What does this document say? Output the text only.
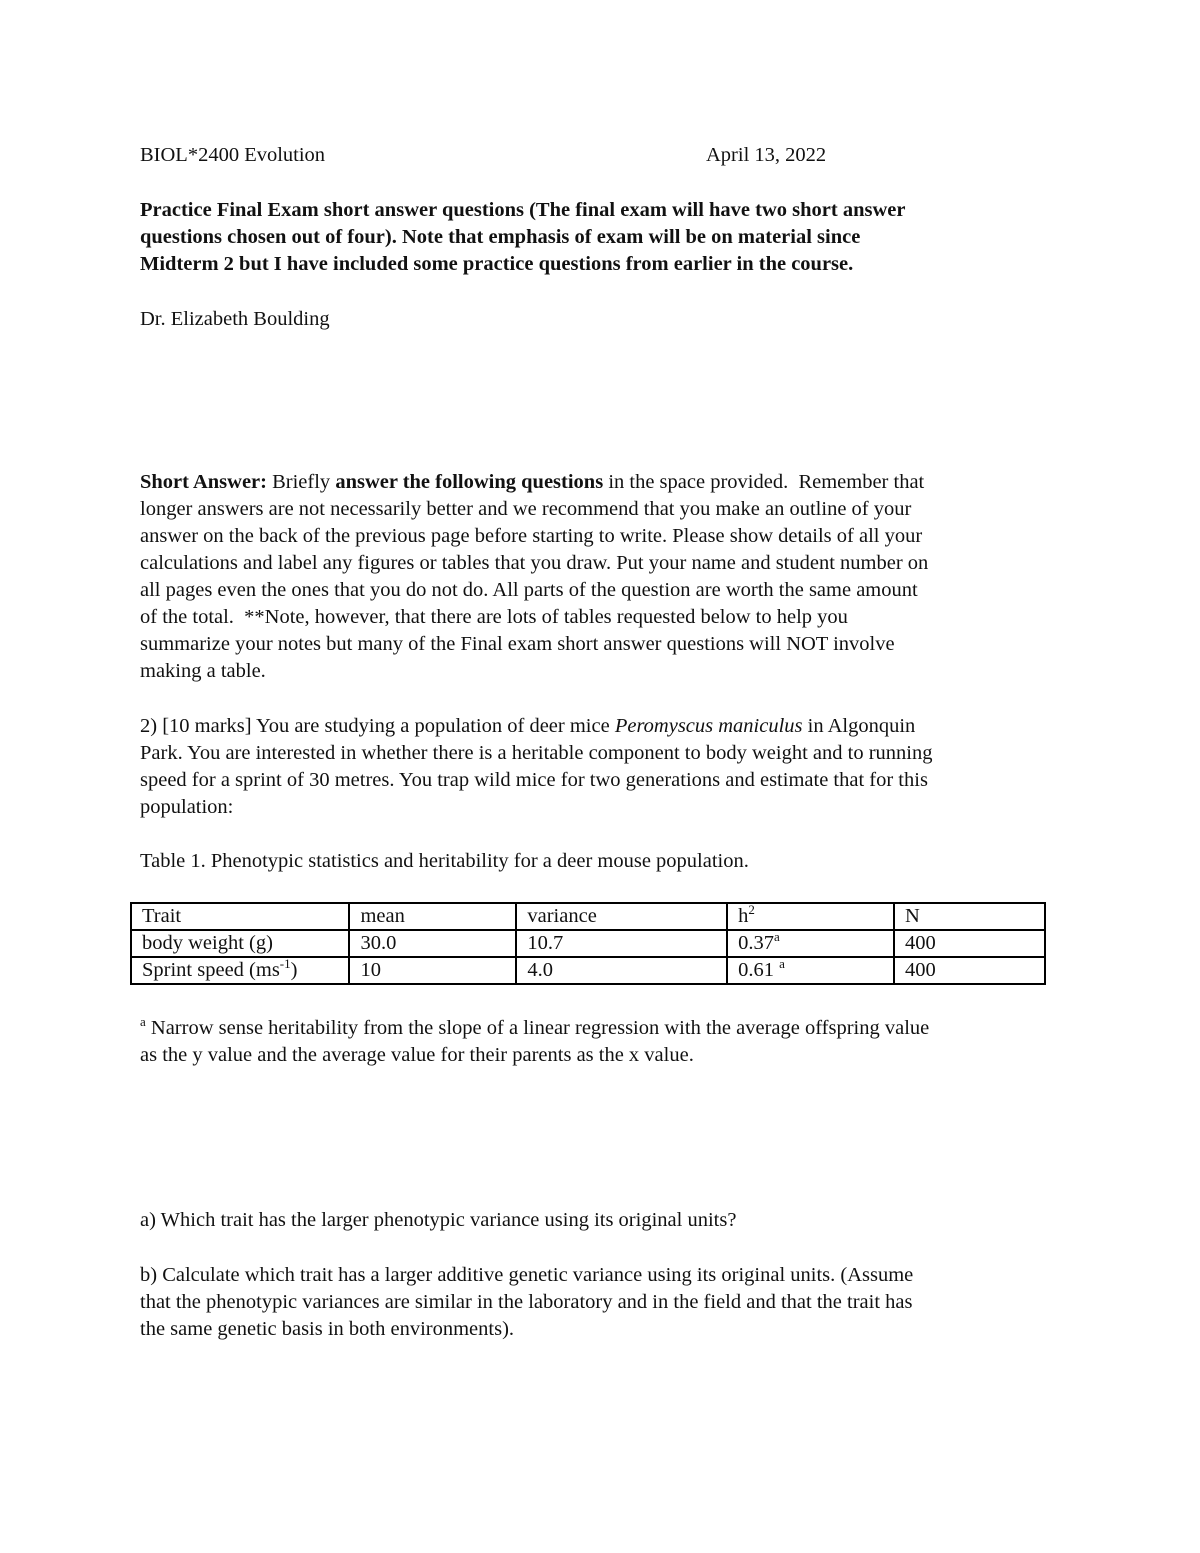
BIOL*2400 Evolution	April 13, 2022
Practice Final Exam short answer questions (The final exam will have two short answer
questions chosen out of four). Note that emphasis of exam will be on material since
Midterm 2 but I have included some practice questions from earlier in the course.
Dr. Elizabeth Boulding
Short Answer: Briefly answer the following questions in the space provided.  Remember that
longer answers are not necessarily better and we recommend that you make an outline of your
answer on the back of the previous page before starting to write. Please show details of all your
calculations and label any figures or tables that you draw. Put your name and student number on
all pages even the ones that you do not do. All parts of the question are worth the same amount
of the total.  **Note, however, that there are lots of tables requested below to help you
summarize your notes but many of the Final exam short answer questions will NOT involve
making a table.
2) [10 marks] You are studying a population of deer mice Peromyscus maniculus in Algonquin
Park. You are interested in whether there is a heritable component to body weight and to running
speed for a sprint of 30 metres. You trap wild mice for two generations and estimate that for this
population:
Table 1. Phenotypic statistics and heritability for a deer mouse population.
Trait	mean	variance	$h^2$	N
body weight (g)	30.0	10.7	0.37$^a$	400
Sprint speed $(ms^{-1})$	10	4.0	0.61 $^a$	400
$^a$ Narrow sense heritability from the slope of a linear regression with the average offspring value
as the y value and the average value for their parents as the x value.
a) Which trait has the larger phenotypic variance using its original units?
b) Calculate which trait has a larger additive genetic variance using its original units. (Assume
that the phenotypic variances are similar in the laboratory and in the field and that the trait has
the same genetic basis in both environments).
